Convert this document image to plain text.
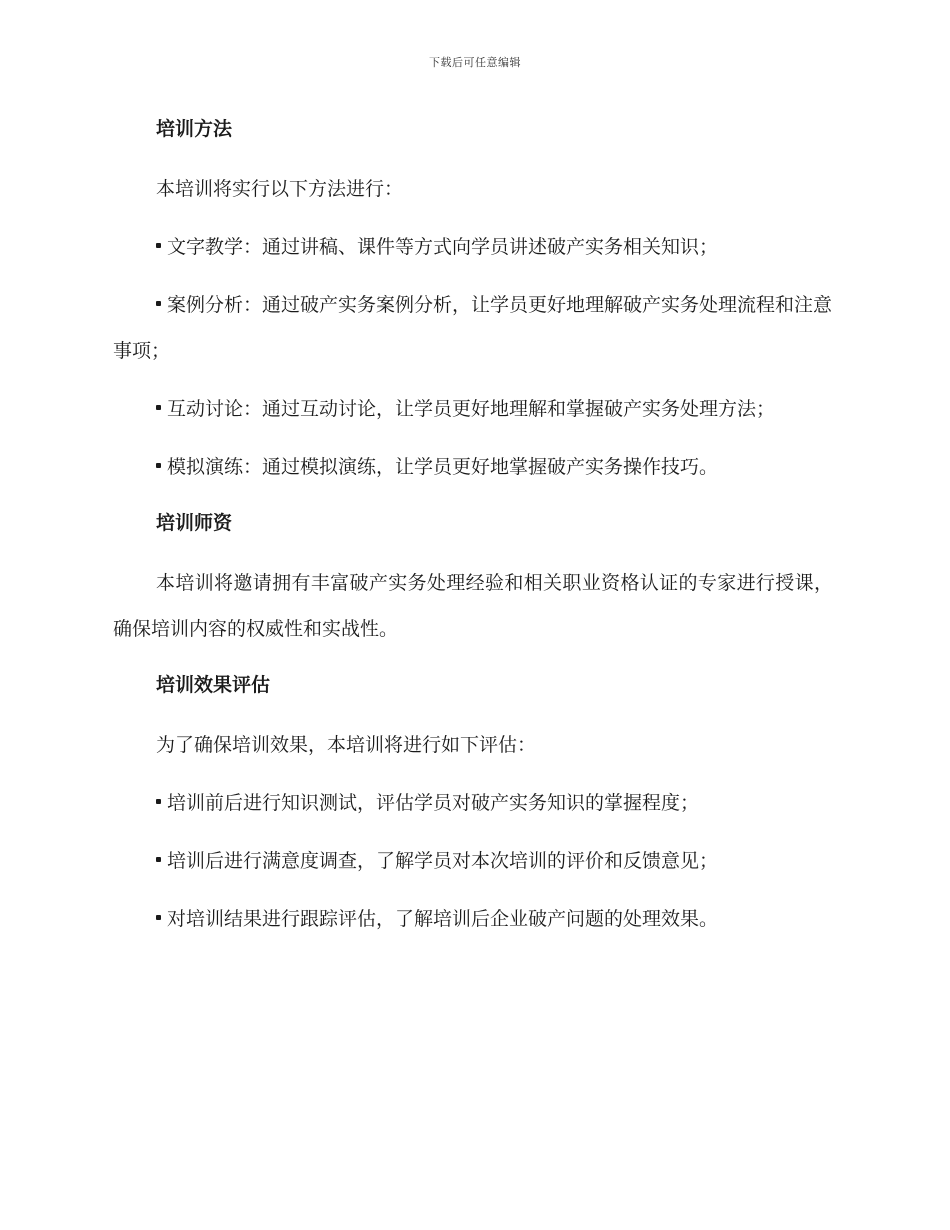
下载后可任意编辑
培训方法

本培训将实行以下方法进行：

文字教学：通过讲稿、课件等方式向学员讲述破产实务相关知识；
案例分析：通过破产实务案例分析，让学员更好地理解破产实务处理流程和注意事项；
互动讨论：通过互动讨论，让学员更好地理解和掌握破产实务处理方法；
模拟演练：通过模拟演练，让学员更好地掌握破产实务操作技巧。
培训师资

本培训将邀请拥有丰富破产实务处理经验和相关职业资格认证的专家进行授课，确保培训内容的权威性和实战性。

培训效果评估

为了确保培训效果，本培训将进行如下评估：

培训前后进行知识测试，评估学员对破产实务知识的掌握程度；
培训后进行满意度调查，了解学员对本次培训的评价和反馈意见；
对培训结果进行跟踪评估，了解培训后企业破产问题的处理效果。
